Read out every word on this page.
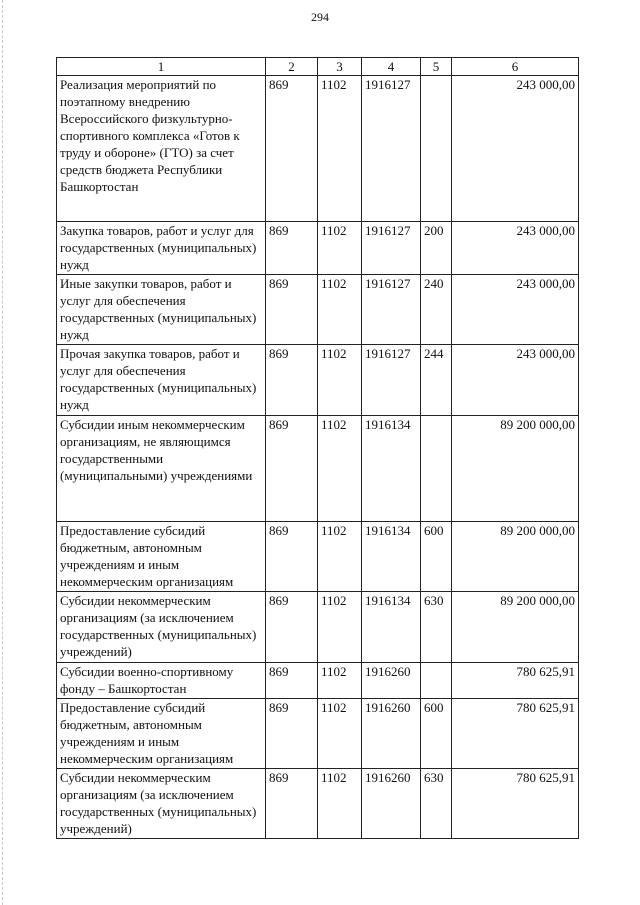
294
1	2	3	4	5	6
Реализация мероприятий по поэтапному внедрению Всероссийского физкультурно-спортивного комплекса «Готов к труду и обороне» (ГТО) за счет средств бюджета Республики Башкортостан	869	1102	1916127		243 000,00
Закупка товаров, работ и услуг для государственных (муниципальных) нужд	869	1102	1916127	200	243 000,00
Иные закупки товаров, работ и услуг для обеспечения государственных (муниципальных) нужд	869	1102	1916127	240	243 000,00
Прочая закупка товаров, работ и услуг для обеспечения государственных (муниципальных) нужд	869	1102	1916127	244	243 000,00
Субсидии иным некоммерческим организациям, не являющимся государственными (муниципальными) учреждениями	869	1102	1916134		89 200 000,00
Предоставление субсидий бюджетным, автономным учреждениям и иным некоммерческим организациям	869	1102	1916134	600	89 200 000,00
Субсидии некоммерческим организациям (за исключением государственных (муниципальных) учреждений)	869	1102	1916134	630	89 200 000,00
Субсидии военно-спортивному фонду – Башкортостан	869	1102	1916260		780 625,91
Предоставление субсидий бюджетным, автономным учреждениям и иным некоммерческим организациям	869	1102	1916260	600	780 625,91
Субсидии некоммерческим организациям (за исключением государственных (муниципальных) учреждений)	869	1102	1916260	630	780 625,91
